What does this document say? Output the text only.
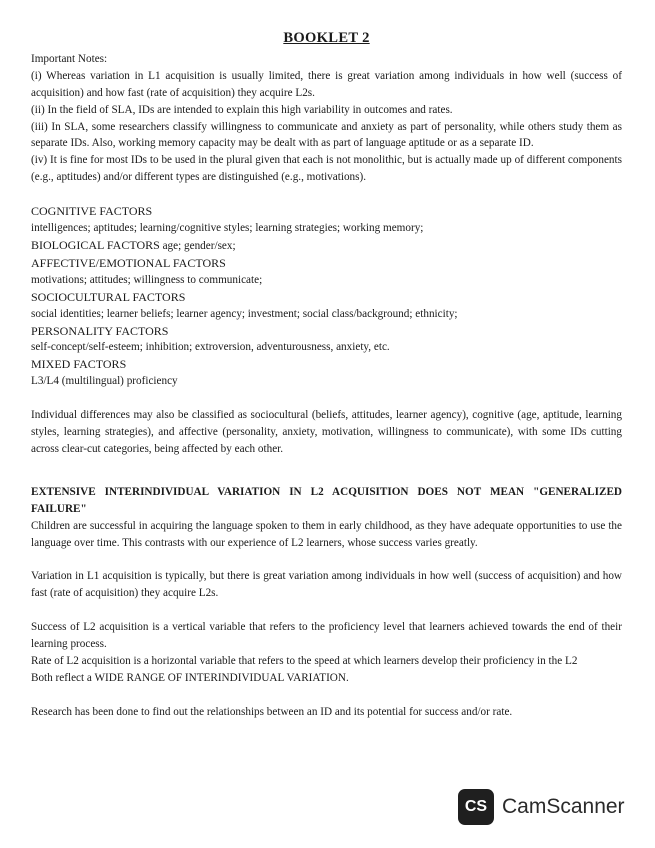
BOOKLET 2
Important Notes:
(i) Whereas variation in L1 acquisition is usually limited, there is great variation among individuals in how well (success of acquisition) and how fast (rate of acquisition) they acquire L2s.
(ii) In the field of SLA, IDs are intended to explain this high variability in outcomes and rates.
(iii) In SLA, some researchers classify willingness to communicate and anxiety as part of personality, while others study them as separate IDs. Also, working memory capacity may be dealt with as part of language aptitude or as a separate ID.
(iv) It is fine for most IDs to be used in the plural given that each is not monolithic, but is actually made up of different components (e.g., aptitudes) and/or different types are distinguished (e.g., motivations).
COGNITIVE FACTORS
intelligences; aptitudes; learning/cognitive styles; learning strategies; working memory;
BIOLOGICAL FACTORS age; gender/sex;
AFFECTIVE/EMOTIONAL FACTORS
motivations; attitudes; willingness to communicate;
SOCIOCULTURAL FACTORS
social identities; learner beliefs; learner agency; investment; social class/background; ethnicity;
PERSONALITY FACTORS
self-concept/self-esteem; inhibition; extroversion, adventurousness, anxiety, etc.
MIXED FACTORS
L3/L4 (multilingual) proficiency
Individual differences may also be classified as sociocultural (beliefs, attitudes, learner agency), cognitive (age, aptitude, learning styles, learning strategies), and affective (personality, anxiety, motivation, willingness to communicate), with some IDs cutting across clear-cut categories, being affected by each other.
EXTENSIVE INTERINDIVIDUAL VARIATION IN L2 ACQUISITION DOES NOT MEAN "GENERALIZED FAILURE"
Children are successful in acquiring the language spoken to them in early childhood, as they have adequate opportunities to use the language over time. This contrasts with our experience of L2 learners, whose success varies greatly.
Variation in L1 acquisition is typically, but there is great variation among individuals in how well (success of acquisition) and how fast (rate of acquisition) they acquire L2s.
Success of L2 acquisition is a vertical variable that refers to the proficiency level that learners achieved towards the end of their learning process.
Rate of L2 acquisition is a horizontal variable that refers to the speed at which learners develop their proficiency in the L2
Both reflect a WIDE RANGE OF INTERINDIVIDUAL VARIATION.
Research has been done to find out the relationships between an ID and its potential for success and/or rate.
CS CamScanner
